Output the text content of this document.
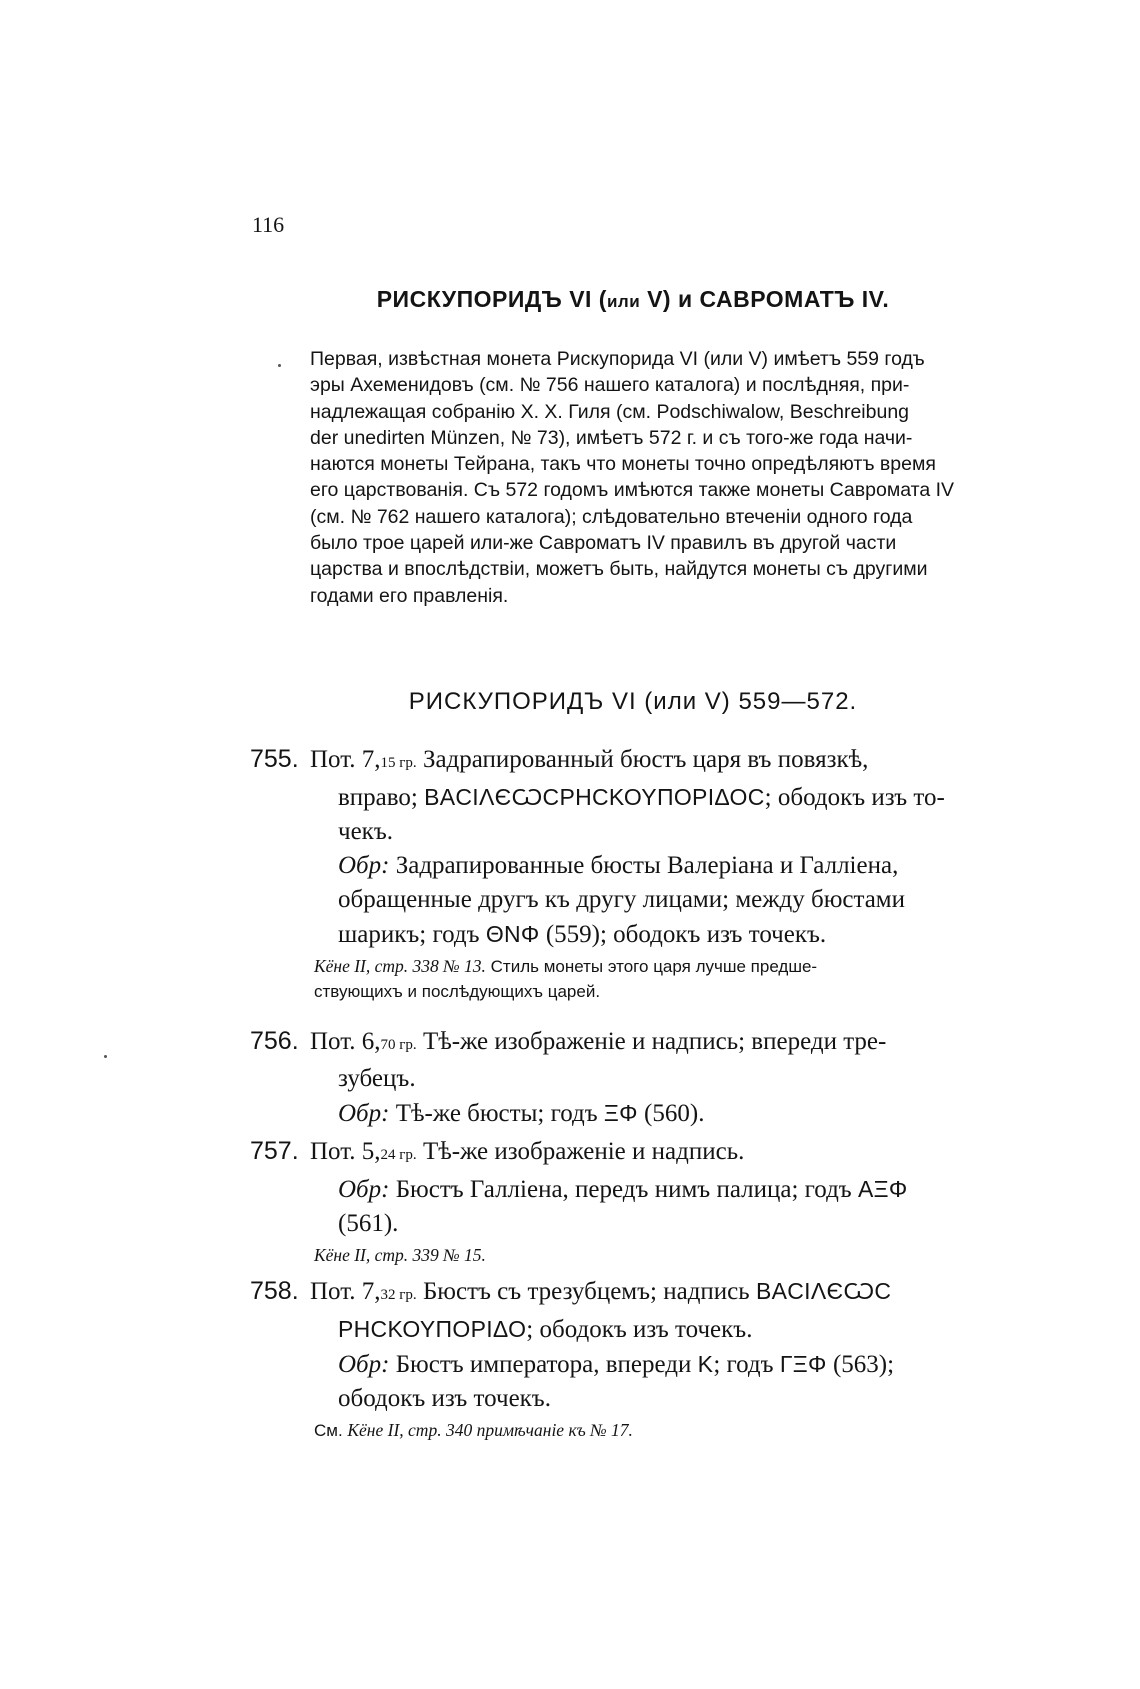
116
РИСКУПОРИДЪ VI (или V) и САВРОМАТЪ IV.
Первая, извѣстная монета Рискупорида VI (или V) имѣетъ 559 годъ
эры Ахеменидовъ (см. № 756 нашего каталога) и послѣдняя, при-
надлежащая собранію Х. Х. Гиля (см. Podschiwalow, Beschreibung
der unedirten Münzen, № 73), имѣетъ 572 г. и съ того-же года начи-
наются монеты Тейрана, такъ что монеты точно опредѣляютъ время
его царствованія. Съ 572 годомъ имѣются также монеты Савромата IV
(см. № 762 нашего каталога); слѣдовательно втеченіи одного года
было трое царей или-же Савроматъ IV правилъ въ другой части
царства и впослѣдствіи, можетъ быть, найдутся монеты съ другими
годами его правленія.
РИСКУПОРИДЪ VI (или V) 559—572.
755. Пот. 7,15 гр. Задрапированный бюстъ царя въ повязкѣ,
вправо; ΒΑCΙΛЄѠCΡΗCΚΟΥΠΟΡΙΔΟC; ободокъ изъ то-
чекъ.
Обр: Задрапированные бюсты Валеріана и Галліена,
обращенные другъ къ другу лицами; между бюстами
шарикъ; годъ ΘΝΦ (559); ободокъ изъ точекъ.
Кёне II, стр. 338 № 13. Стиль монеты этого царя лучше предше-
ствующихъ и послѣдующихъ царей.
756. Пот. 6,70 гр. Тѣ-же изображеніе и надпись; впереди тре-
зубецъ.
Обр: Тѣ-же бюсты; годъ ΞΦ (560).
757. Пот. 5,24 гр. Тѣ-же изображеніе и надпись.
Обр: Бюстъ Галліена, передъ нимъ палица; годъ ΑΞΦ
(561).
Кёне II, стр. 339 № 15.
758. Пот. 7,32 гр. Бюстъ съ трезубцемъ; надпись ΒΑCΙΛЄѠC
ΡΗCΚΟΥΠΟΡΙΔΟ; ободокъ изъ точекъ.
Обр: Бюстъ императора, впереди Κ; годъ ΓΞΦ (563);
ободокъ изъ точекъ.
См. Кёне II, стр. 340 примѣчаніе къ № 17.
